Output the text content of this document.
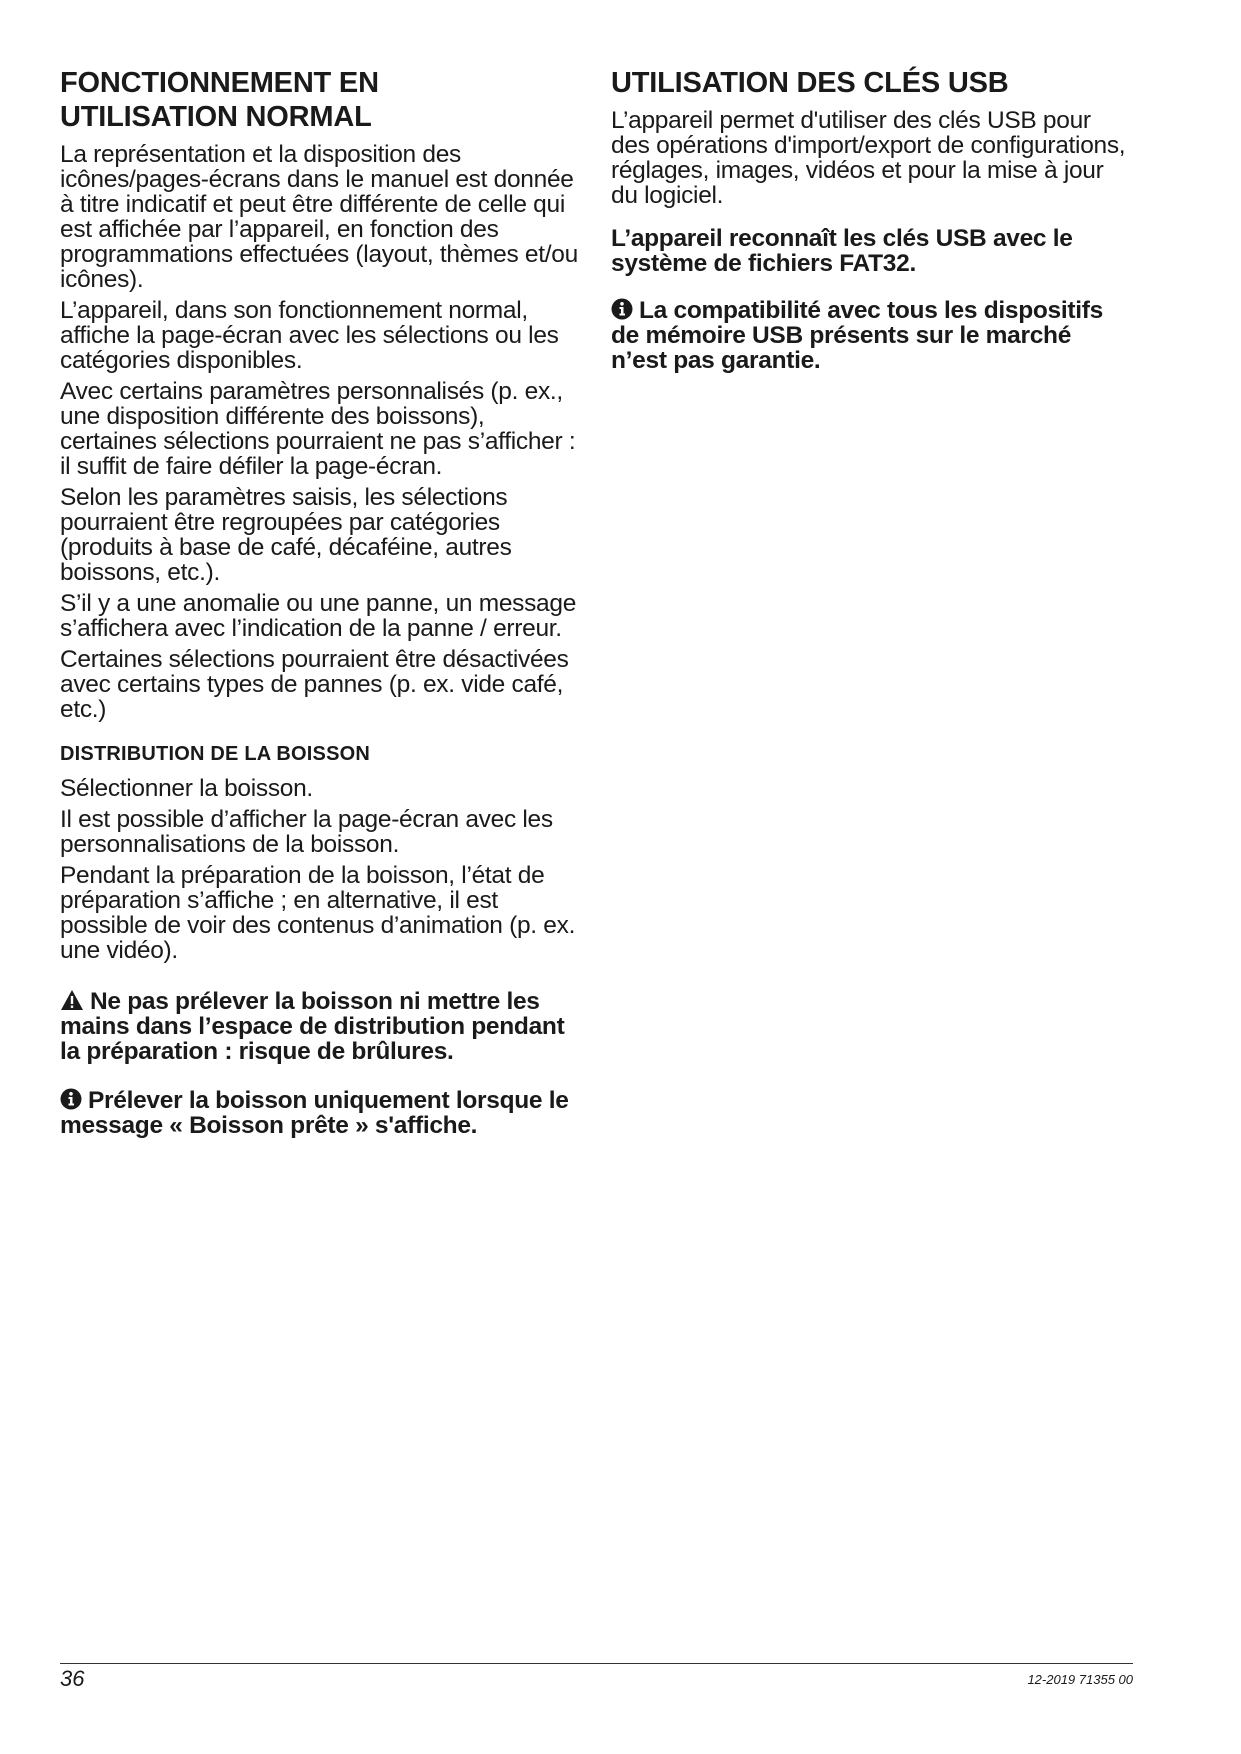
FONCTIONNEMENT EN
UTILISATION NORMAL

La représentation et la disposition des icônes/pages-écrans dans le manuel est donnée à titre indicatif et peut être différente de celle qui est affichée par l’appareil, en fonction des programmations effectuées (layout, thèmes et/ou icônes).

L’appareil, dans son fonctionnement normal, affiche la page-écran avec les sélections ou les catégories disponibles.

Avec certains paramètres personnalisés (p. ex., une disposition différente des boissons), certaines sélections pourraient ne pas s’afficher : il suffit de faire défiler la page-écran.

Selon les paramètres saisis, les sélections pourraient être regroupées par catégories (produits à base de café, décaféine, autres boissons, etc.).

S’il y a une anomalie ou une panne, un message s’affichera avec l’indication de la panne / erreur.

Certaines sélections pourraient être désactivées avec certains types de pannes (p. ex. vide café, etc.)

DISTRIBUTION DE LA BOISSON

Sélectionner la boisson.

Il est possible d’afficher la page-écran avec les personnalisations de la boisson.

Pendant la préparation de la boisson, l’état de préparation s’affiche ; en alternative, il est possible de voir des contenus d’animation (p. ex. une vidéo).

Ne pas prélever la boisson ni mettre les mains dans l’espace de distribution pendant la préparation : risque de brûlures.

Prélever la boisson uniquement lorsque le message « Boisson prête » s'affiche.

UTILISATION DES CLÉS USB

L’appareil permet d'utiliser des clés USB pour des opérations d'import/export de configurations, réglages, images, vidéos et pour la mise à jour du logiciel.

L’appareil reconnaît les clés USB avec le système de fichiers FAT32.

La compatibilité avec tous les dispositifs de mémoire USB présents sur le marché n’est pas garantie.

36	12-2019 71355 00
